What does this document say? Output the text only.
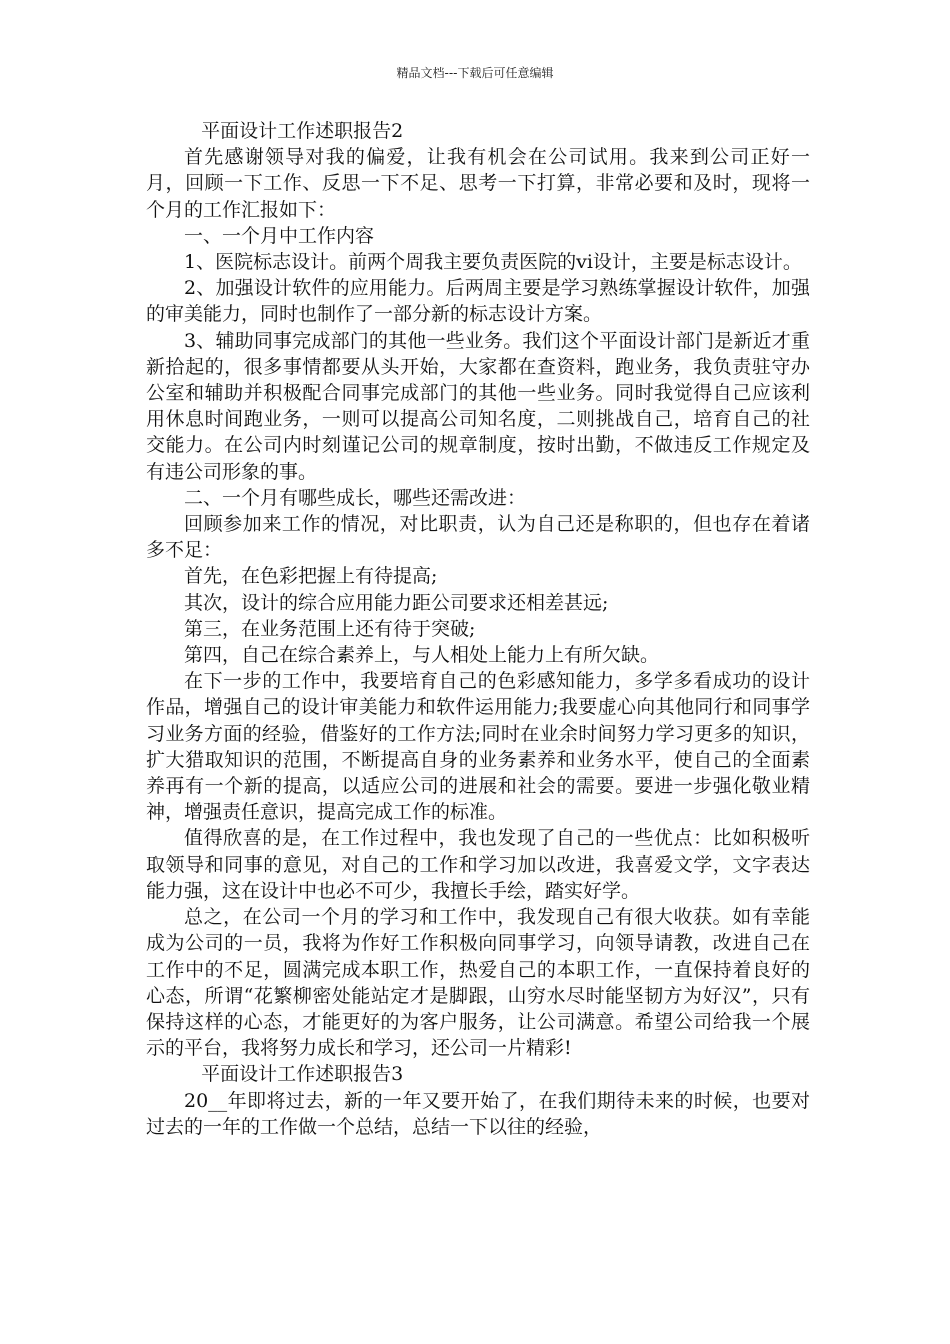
精品文档---下载后可任意编辑

平面设计工作述职报告2

首先感谢领导对我的偏爱，让我有机会在公司试用。我来到公司正好一月，回顾一下工作、反思一下不足、思考一下打算，非常必要和及时，现将一个月的工作汇报如下：

一、一个月中工作内容

1、医院标志设计。前两个周我主要负责医院的vi设计，主要是标志设计。

2、加强设计软件的应用能力。后两周主要是学习熟练掌握设计软件，加强的审美能力，同时也制作了一部分新的标志设计方案。

3、辅助同事完成部门的其他一些业务。我们这个平面设计部门是新近才重新拾起的，很多事情都要从头开始，大家都在查资料，跑业务，我负责驻守办公室和辅助并积极配合同事完成部门的其他一些业务。同时我觉得自己应该利用休息时间跑业务，一则可以提高公司知名度，二则挑战自己，培育自己的社交能力。在公司内时刻谨记公司的规章制度，按时出勤，不做违反工作规定及有违公司形象的事。

二、一个月有哪些成长，哪些还需改进：

回顾参加来工作的情况，对比职责，认为自己还是称职的，但也存在着诸多不足：

首先，在色彩把握上有待提高;

其次，设计的综合应用能力距公司要求还相差甚远;

第三，在业务范围上还有待于突破;

第四，自己在综合素养上，与人相处上能力上有所欠缺。

在下一步的工作中，我要培育自己的色彩感知能力，多学多看成功的设计作品，增强自己的设计审美能力和软件运用能力;我要虚心向其他同行和同事学习业务方面的经验，借鉴好的工作方法;同时在业余时间努力学习更多的知识，扩大猎取知识的范围，不断提高自身的业务素养和业务水平，使自己的全面素养再有一个新的提高，以适应公司的进展和社会的需要。要进一步强化敬业精神，增强责任意识，提高完成工作的标准。

值得欣喜的是，在工作过程中，我也发现了自己的一些优点：比如积极听取领导和同事的意见，对自己的工作和学习加以改进，我喜爱文学，文字表达能力强，这在设计中也必不可少，我擅长手绘，踏实好学。

总之，在公司一个月的学习和工作中，我发现自己有很大收获。如有幸能成为公司的一员，我将为作好工作积极向同事学习，向领导请教，改进自己在工作中的不足，圆满完成本职工作，热爱自己的本职工作，一直保持着良好的心态，所谓“花繁柳密处能站定才是脚跟，山穷水尽时能坚韧方为好汉”，只有保持这样的心态，才能更好的为客户服务，让公司满意。希望公司给我一个展示的平台，我将努力成长和学习，还公司一片精彩!

平面设计工作述职报告3

20__年即将过去，新的一年又要开始了，在我们期待未来的时候，也要对过去的一年的工作做一个总结，总结一下以往的经验，
